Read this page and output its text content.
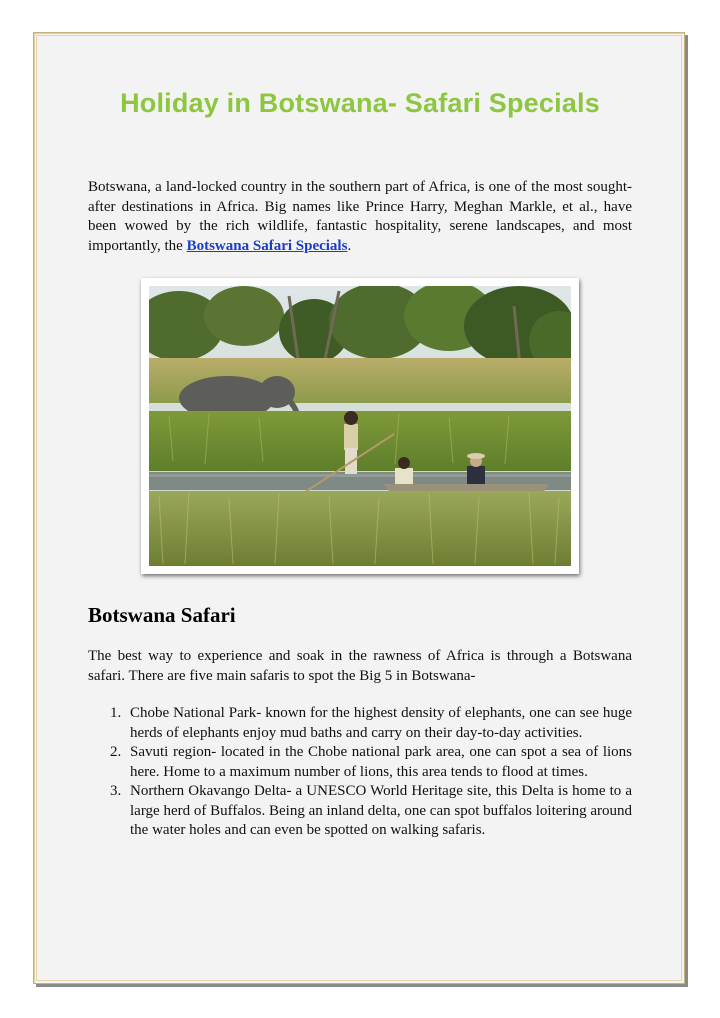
Holiday in Botswana- Safari Specials

Botswana, a land-locked country in the southern part of Africa, is one of the most sought-after destinations in Africa. Big names like Prince Harry, Meghan Markle, et al., have been wowed by the rich wildlife, fantastic hospitality, serene landscapes, and most importantly, the Botswana Safari Specials.

Botswana Safari

The best way to experience and soak in the rawness of Africa is through a Botswana safari. There are five main safaris to spot the Big 5 in Botswana-

1. Chobe National Park- known for the highest density of elephants, one can see huge herds of elephants enjoy mud baths and carry on their day-to-day activities.
2. Savuti region- located in the Chobe national park area, one can spot a sea of lions here. Home to a maximum number of lions, this area tends to flood at times.
3. Northern Okavango Delta- a UNESCO World Heritage site, this Delta is home to a large herd of Buffalos. Being an inland delta, one can spot buffalos loitering around the water holes and can even be spotted on walking safaris.
